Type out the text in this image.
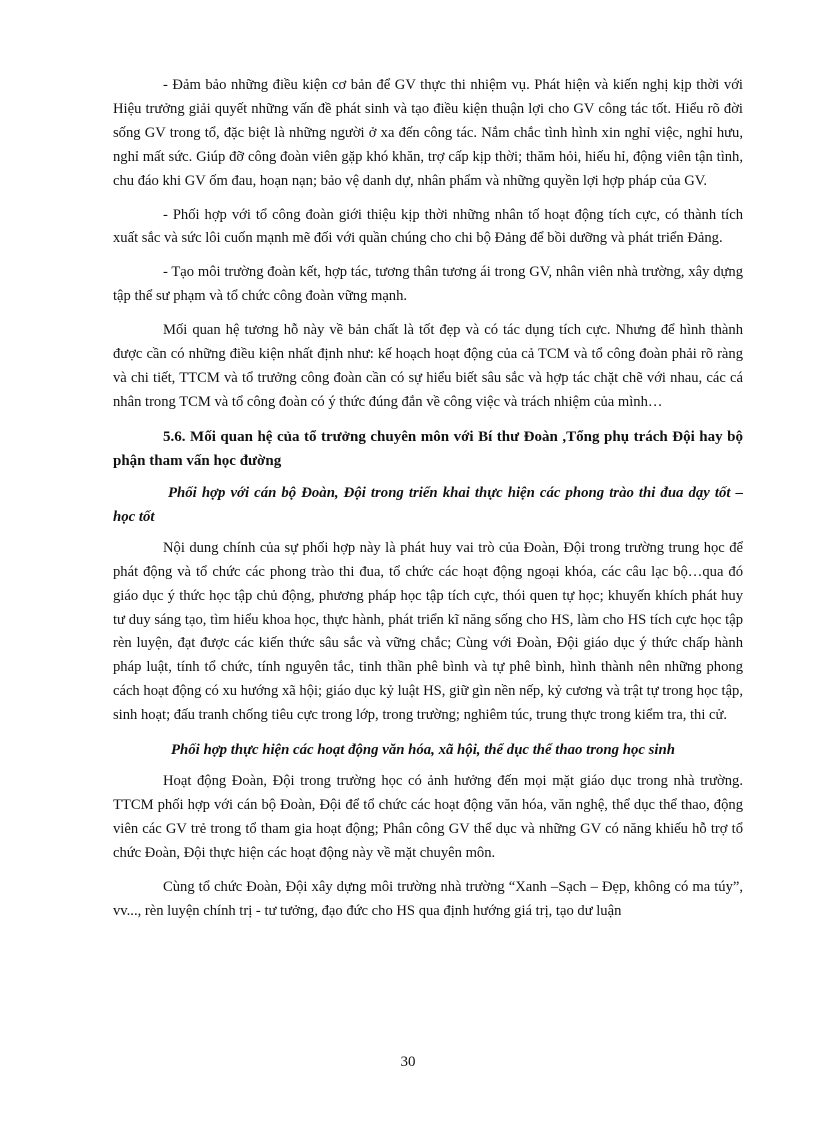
- Đảm bảo những điều kiện cơ bản để GV thực thi nhiệm vụ. Phát hiện và kiến nghị kịp thời với Hiệu trưởng giải quyết những vấn đề phát sinh và tạo điều kiện thuận lợi cho GV công tác tốt. Hiểu rõ đời sống GV trong tổ, đặc biệt là những người ở xa đến công tác. Nắm chắc tình hình xin nghỉ việc, nghỉ hưu, nghỉ mất sức. Giúp đỡ công đoàn viên gặp khó khăn, trợ cấp kịp thời; thăm hỏi, hiếu hỉ, động viên tận tình, chu đáo khi GV ốm đau, hoạn nạn; bảo vệ danh dự, nhân phẩm và những quyền lợi hợp pháp của GV.

- Phối hợp với tổ công đoàn giới thiệu kịp thời những nhân tố hoạt động tích cực, có thành tích xuất sắc và sức lôi cuốn mạnh mẽ đối với quần chúng cho chi bộ Đảng để bồi dưỡng và phát triển Đảng.

- Tạo môi trường đoàn kết, hợp tác, tương thân tương ái trong GV, nhân viên nhà trường, xây dựng tập thể sư phạm và tổ chức công đoàn vững mạnh.

Mối quan hệ tương hỗ này về bản chất là tốt đẹp và có tác dụng tích cực. Nhưng để hình thành được cần có những điều kiện nhất định như: kế hoạch hoạt động của cả TCM và tổ công đoàn phải rõ ràng và chi tiết, TTCM và tổ trưởng công đoàn cần có sự hiểu biết sâu sắc và hợp tác chặt chẽ với nhau, các cá nhân trong TCM và tổ công đoàn có ý thức đúng đắn về công việc và trách nhiệm của mình…

5.6. Mối quan hệ của tổ trưởng chuyên môn với Bí thư Đoàn ,Tổng phụ trách Đội hay bộ phận tham vấn học đường
Phối hợp với cán bộ Đoàn, Đội trong triển khai thực hiện các phong trào thi đua dạy tốt – học tốt

Nội dung chính của sự phối hợp này là phát huy vai trò của Đoàn, Đội trong trường trung học để phát động và tổ chức các phong trào thi đua, tổ chức các hoạt động ngoại khóa, các câu lạc bộ…qua đó giáo dục ý thức học tập chủ động, phương pháp học tập tích cực, thói quen tự học; khuyến khích phát huy tư duy sáng tạo, tìm hiểu khoa học, thực hành, phát triển kĩ năng sống cho HS, làm cho HS tích cực học tập rèn luyện, đạt được các kiến thức sâu sắc và vững chắc; Cùng với Đoàn, Đội giáo dục ý thức chấp hành pháp luật, tính tổ chức, tính nguyên tắc, tinh thần phê bình và tự phê bình, hình thành nên những phong cách hoạt động có xu hướng xã hội; giáo dục kỷ luật HS, giữ gìn nền nếp, kỷ cương và trật tự trong học tập, sinh hoạt; đấu tranh chống tiêu cực trong lớp, trong trường; nghiêm túc, trung thực trong kiểm tra, thi cử.

Phối hợp thực hiện các hoạt động văn hóa, xã hội, thể dục thể thao trong học sinh

Hoạt động Đoàn, Đội trong trường học có ảnh hưởng đến mọi mặt giáo dục trong nhà trường. TTCM phối hợp với cán bộ Đoàn, Đội để tổ chức các hoạt động văn hóa, văn nghệ, thể dục thể thao, động viên các GV trẻ trong tổ tham gia hoạt động; Phân công GV thể dục và những GV có năng khiếu hỗ trợ tổ chức Đoàn, Đội thực hiện các hoạt động này về mặt chuyên môn.

Cùng tổ chức Đoàn, Đội xây dựng môi trường nhà trường “Xanh –Sạch – Đẹp, không có ma túy”, vv..., rèn luyện chính trị - tư tưởng, đạo đức cho HS qua định hướng giá trị, tạo dư luận

30
